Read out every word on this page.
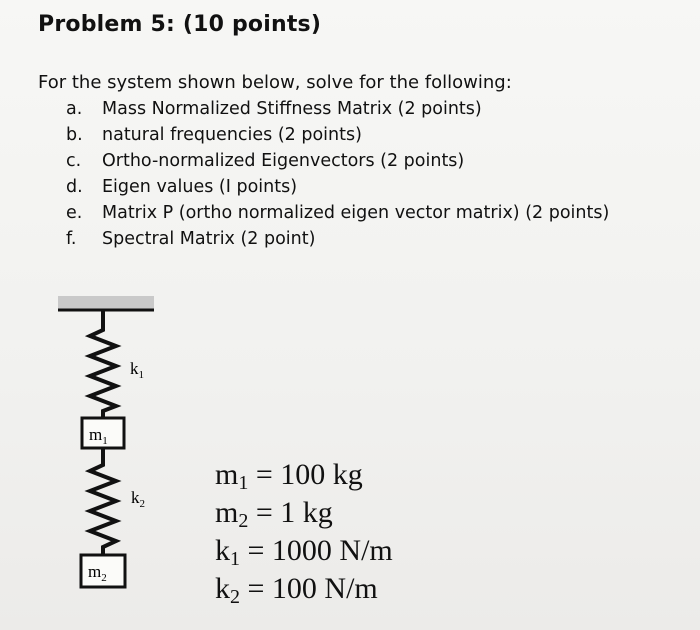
Problem 5: (10 points)
For the system shown below, solve for the following:
a. Mass Normalized Stiffness Matrix (2 points)
b. natural frequencies (2 points)
c. Ortho-normalized Eigenvectors (2 points)
d. Eigen values (I points)
e. Matrix P (ortho normalized eigen vector matrix) (2 points)
f. Spectral Matrix (2 point)
$m_1$
$m_2$
$k_1$
$k_2$
$m_1 = 100$ kg
$m_2 = 1$ kg
$k_1 = 1000$ N/m
$k_2 = 100$ N/m
